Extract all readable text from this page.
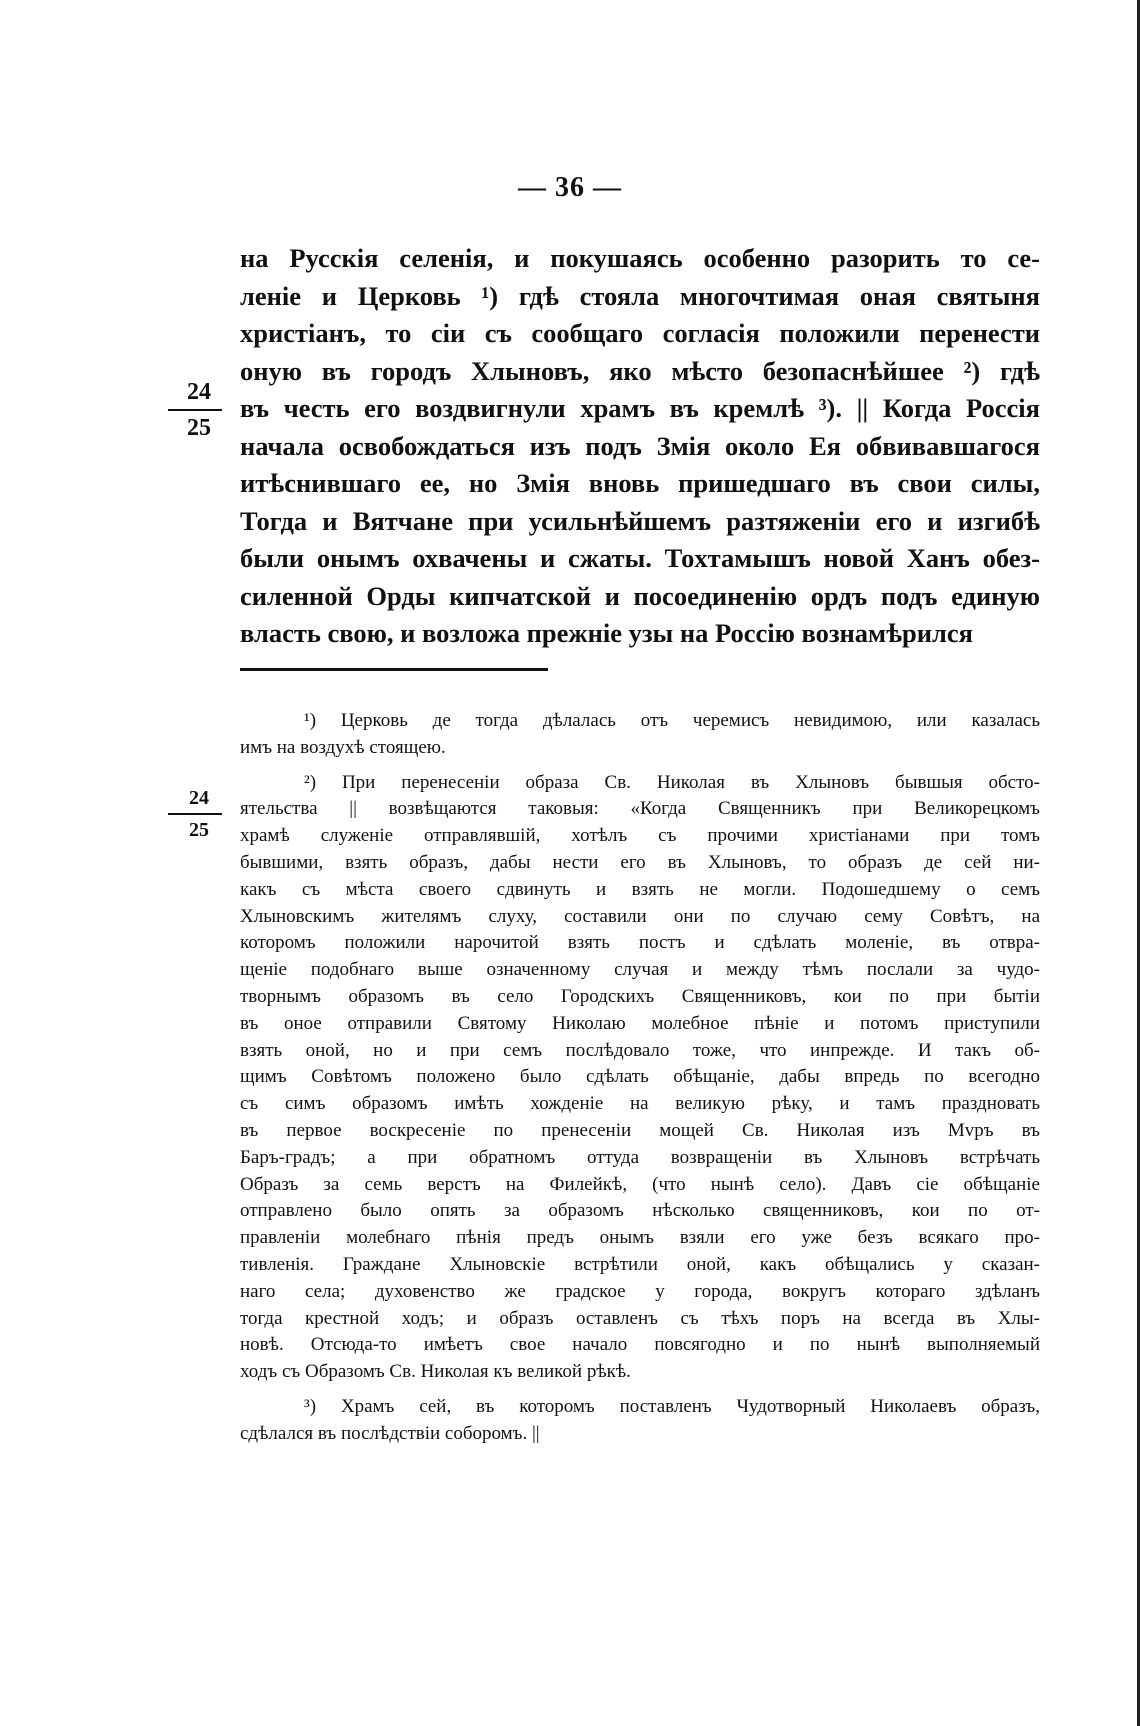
— 36 —
24
25
на Русскія селенія, и покушаясь особенно разорить то се-
леніе и Церковь ¹) гдѣ стояла многочтимая оная святыня
христіанъ, то сіи съ сообщаго согласія положили перенести
оную въ городъ Хлыновъ, яко мѣсто безопаснѣйшее ²) гдѣ
въ честь его воздвигнули храмъ въ кремлѣ ³). || Когда Россія
начала освобождаться изъ подъ Змія около Ея обвивавшагося
итѣснившаго ее, но Змія вновь пришедшаго въ свои силы,
Тогда и Вятчане при усильнѣйшемъ разтяженіи его и изгибѣ
были онымъ охвачены и сжаты. Тоxтамышъ новой Ханъ обез-
силенной Орды кипчатской и посоединенію ордъ подъ единую
власть свою, и возложа прежніе узы на Россію вознамѣрился
24
25

¹) Церковь де тогда дѣлалась отъ черемисъ невидимою, или казалась
имъ на воздухѣ стоящею.

²) При перенесеніи образа Св. Николая въ Хлыновъ бывшыя обсто-
ятельства || возвѣщаются таковыя: «Когда Священникъ при Великорецкомъ
храмѣ служеніе отправлявшій, хотѣлъ съ прочими христіанами при томъ
бывшими, взять образъ, дабы нести его въ Хлыновъ, то образъ де сей ни-
какъ съ мѣста своего сдвинуть и взять не могли. Подошедшему о семъ
Хлыновскимъ жителямъ слуху, составили они по случаю сему Совѣтъ, на
которомъ положили нарочитой взять постъ и сдѣлать моленіе, въ отвра-
щеніе подобнаго выше означенному случая и между тѣмъ послали за чудо-
творнымъ образомъ въ село Городскихъ Священниковъ, кои по при бытіи
въ оное отправили Святому Николаю молебное пѣніе и потомъ приступили
взять оной, но и при семъ послѣдовало тоже, что инпрежде. И такъ об-
щимъ Совѣтомъ положено было сдѣлать обѣщаніе, дабы впредь по всегодно
съ симъ образомъ имѣть хожденіе на великую рѣку, и тамъ праздновать
въ первое воскресеніе по пренесеніи мощей Св. Николая изъ Мvръ въ
Баръ-градъ; а при обратномъ оттуда возвращеніи въ Хлыновъ встрѣчать
Образъ за семь верстъ на Филейкѣ, (что нынѣ село). Давъ сіе обѣщаніе
отправлено было опять за образомъ нѣсколько священниковъ, кои по от-
правленіи молебнаго пѣнія предъ онымъ взяли его уже безъ всякаго про-
тивленія. Граждане Хлыновскіе встрѣтили оной, какъ обѣщались у сказан-
наго села; духовенство же градское у города, вокругъ котораго здѣланъ
тогда крестной ходъ; и образъ оставленъ съ тѣхъ поръ на всегда въ Хлы-
новѣ. Отсюда-то имѣетъ свое начало повсягодно и по нынѣ выполняемый
ходъ съ Образомъ Св. Николая къ великой рѣкѣ.

³) Храмъ сей, въ которомъ поставленъ Чудотворный Николаевъ образъ,
сдѣлался въ послѣдствіи соборомъ. ||
